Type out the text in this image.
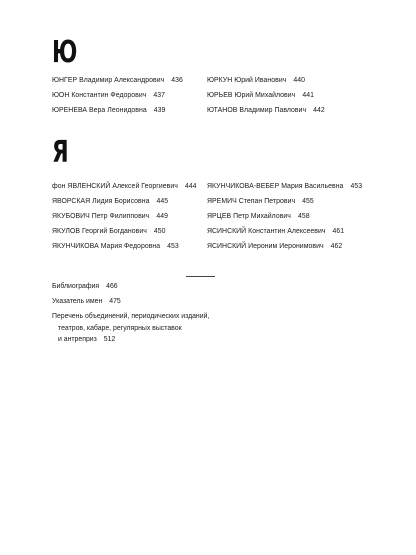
Ю
ЮНГЕР Владимир Александрович 436
ЮОН Константин Федорович 437
ЮРЕНЕВА Вера Леонидовна 439
ЮРКУН Юрий Иванович 440
ЮРЬЕВ Юрий Михайлович 441
ЮТАНОВ Владимир Павлович 442
Я
фон ЯВЛЕНСКИЙ Алексей Георгиевич 444
ЯВОРСКАЯ Лидия Борисовна 445
ЯКУБОВИЧ Петр Филиппович 449
ЯКУЛОВ Георгий Богданович 450
ЯКУНЧИКОВА Мария Федоровна 453
ЯКУНЧИКОВА-ВЕБЕР Мария Васильевна 453
ЯРЕМИЧ Степан Петрович 455
ЯРЦЕВ Петр Михайлович 458
ЯСИНСКИЙ Константин Алексеевич 461
ЯСИНСКИЙ Иероним Иеронимович 462
Библиография 466
Указатель имен 475
Перечень объединений, периодических изданий,
театров, кабаре, регулярных выставок
и антреприз 512
